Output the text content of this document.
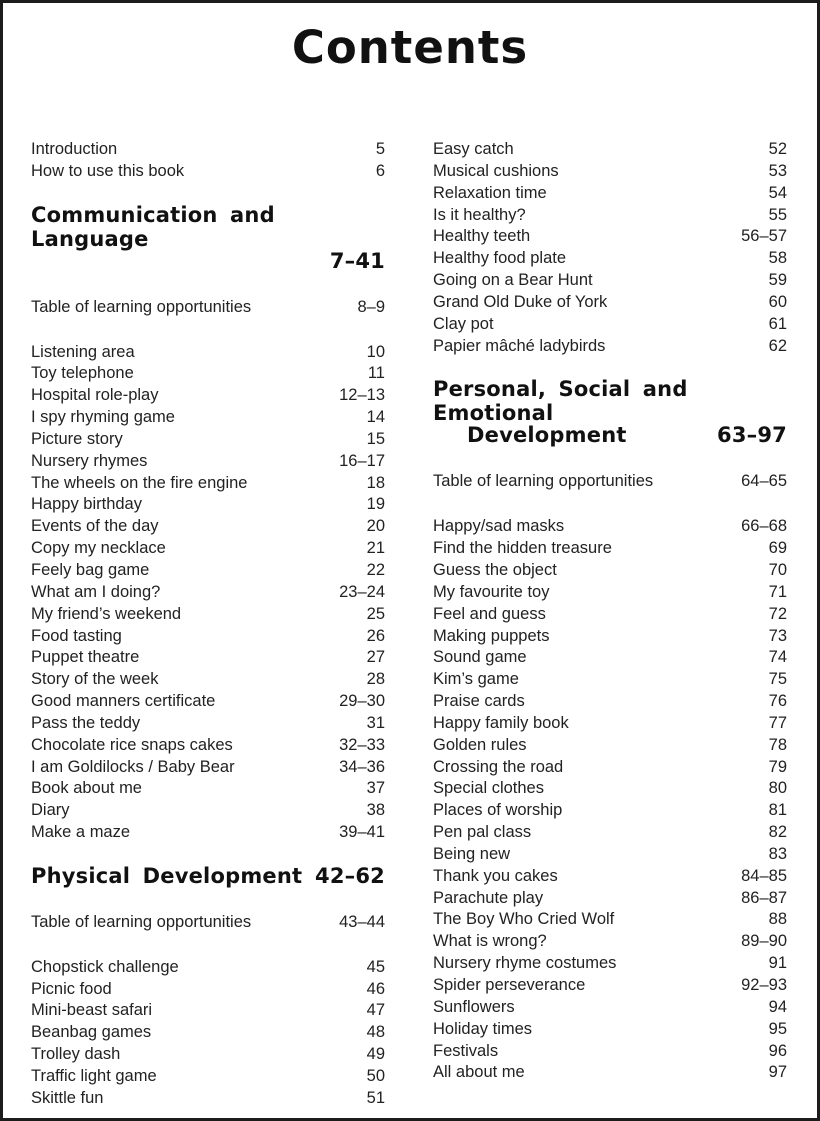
Contents
Introduction	5
How to use this book	6
Communication and Language
7–41
Table of learning opportunities	8–9
Listening area	10
Toy telephone	11
Hospital role-play	12–13
I spy rhyming game	14
Picture story	15
Nursery rhymes	16–17
The wheels on the fire engine	18
Happy birthday	19
Events of the day	20
Copy my necklace	21
Feely bag game	22
What am I doing?	23–24
My friend’s weekend	25
Food tasting	26
Puppet theatre	27
Story of the week	28
Good manners certificate	29–30
Pass the teddy	31
Chocolate rice snaps cakes	32–33
I am Goldilocks / Baby Bear	34–36
Book about me	37
Diary	38
Make a maze	39–41
Physical Development 42–62
Table of learning opportunities	43–44
Chopstick challenge	45
Picnic food	46
Mini-beast safari	47
Beanbag games	48
Trolley dash	49
Traffic light game	50
Skittle fun	51
Easy catch	52
Musical cushions	53
Relaxation time	54
Is it healthy?	55
Healthy teeth	56–57
Healthy food plate	58
Going on a Bear Hunt	59
Grand Old Duke of York	60
Clay pot	61
Papier mâché ladybirds	62
Personal, Social and Emotional
Development	63–97
Table of learning opportunities	64–65
Happy/sad masks	66–68
Find the hidden treasure	69
Guess the object	70
My favourite toy	71
Feel and guess	72
Making puppets	73
Sound game	74
Kim’s game	75
Praise cards	76
Happy family book	77
Golden rules	78
Crossing the road	79
Special clothes	80
Places of worship	81
Pen pal class	82
Being new	83
Thank you cakes	84–85
Parachute play	86–87
The Boy Who Cried Wolf	88
What is wrong?	89–90
Nursery rhyme costumes	91
Spider perseverance	92–93
Sunflowers	94
Holiday times	95
Festivals	96
All about me	97
